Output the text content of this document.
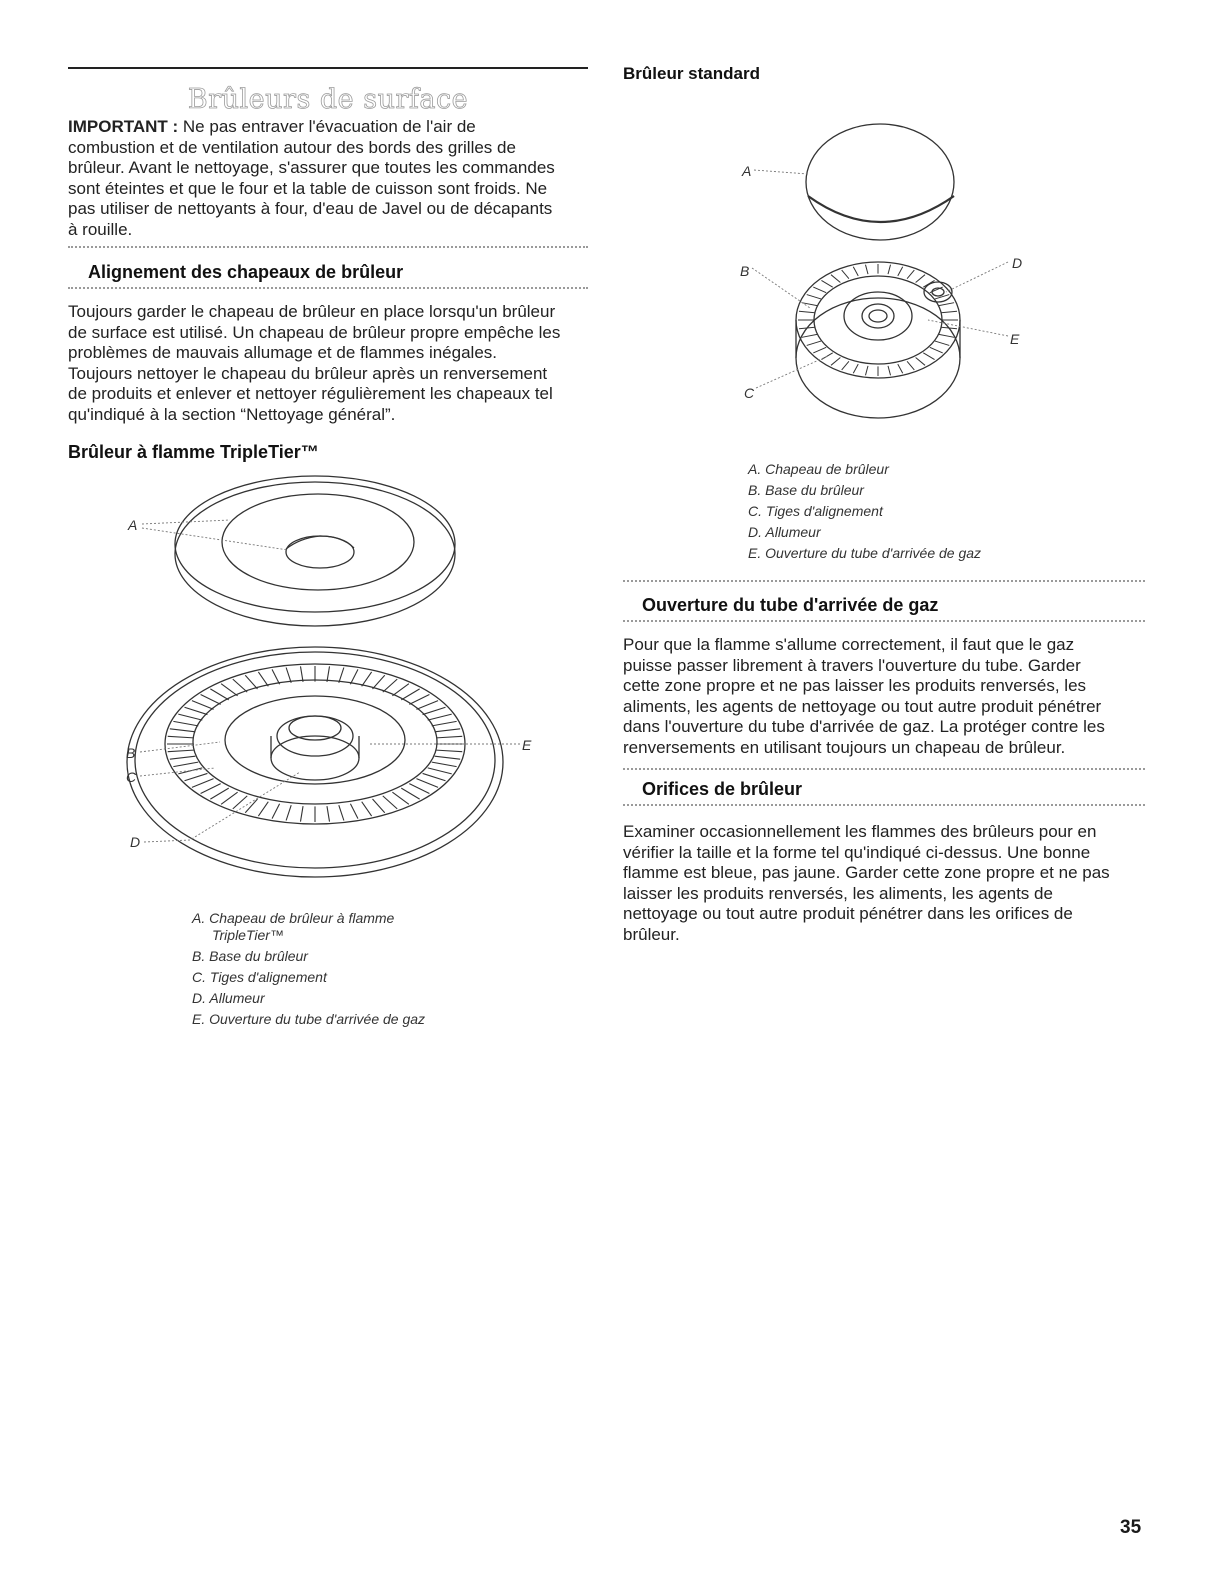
Brûleurs de surface
IMPORTANT : Ne pas entraver l'évacuation de l'air de
combustion et de ventilation autour des bords des grilles de
brûleur. Avant le nettoyage, s'assurer que toutes les commandes
sont éteintes et que le four et la table de cuisson sont froids. Ne
pas utiliser de nettoyants à four, d'eau de Javel ou de décapants
à rouille.
Alignement des chapeaux de brûleur
Toujours garder le chapeau de brûleur en place lorsqu'un brûleur
de surface est utilisé. Un chapeau de brûleur propre empêche les
problèmes de mauvais allumage et de flammes inégales.
Toujours nettoyer le chapeau du brûleur après un renversement
de produits et enlever et nettoyer régulièrement les chapeaux tel
qu'indiqué à la section “Nettoyage général”.
Brûleur à flamme TripleTier™
A
B
C
D
E
A. Chapeau de brûleur à flamme
TripleTier™
B. Base du brûleur
C. Tiges d'alignement
D. Allumeur
E. Ouverture du tube d'arrivée de gaz
Brûleur standard
A
B
C
D
E
A. Chapeau de brûleur
B. Base du brûleur
C. Tiges d'alignement
D. Allumeur
E. Ouverture du tube d'arrivée de gaz
Ouverture du tube d'arrivée de gaz
Pour que la flamme s'allume correctement, il faut que le gaz
puisse passer librement à travers l'ouverture du tube. Garder
cette zone propre et ne pas laisser les produits renversés, les
aliments, les agents de nettoyage ou tout autre produit pénétrer
dans l'ouverture du tube d'arrivée de gaz. La protéger contre les
renversements en utilisant toujours un chapeau de brûleur.
Orifices de brûleur
Examiner occasionnellement les flammes des brûleurs pour en
vérifier la taille et la forme tel qu'indiqué ci-dessus. Une bonne
flamme est bleue, pas jaune. Garder cette zone propre et ne pas
laisser les produits renversés, les aliments, les agents de
nettoyage ou tout autre produit pénétrer dans les orifices de
brûleur.
35
